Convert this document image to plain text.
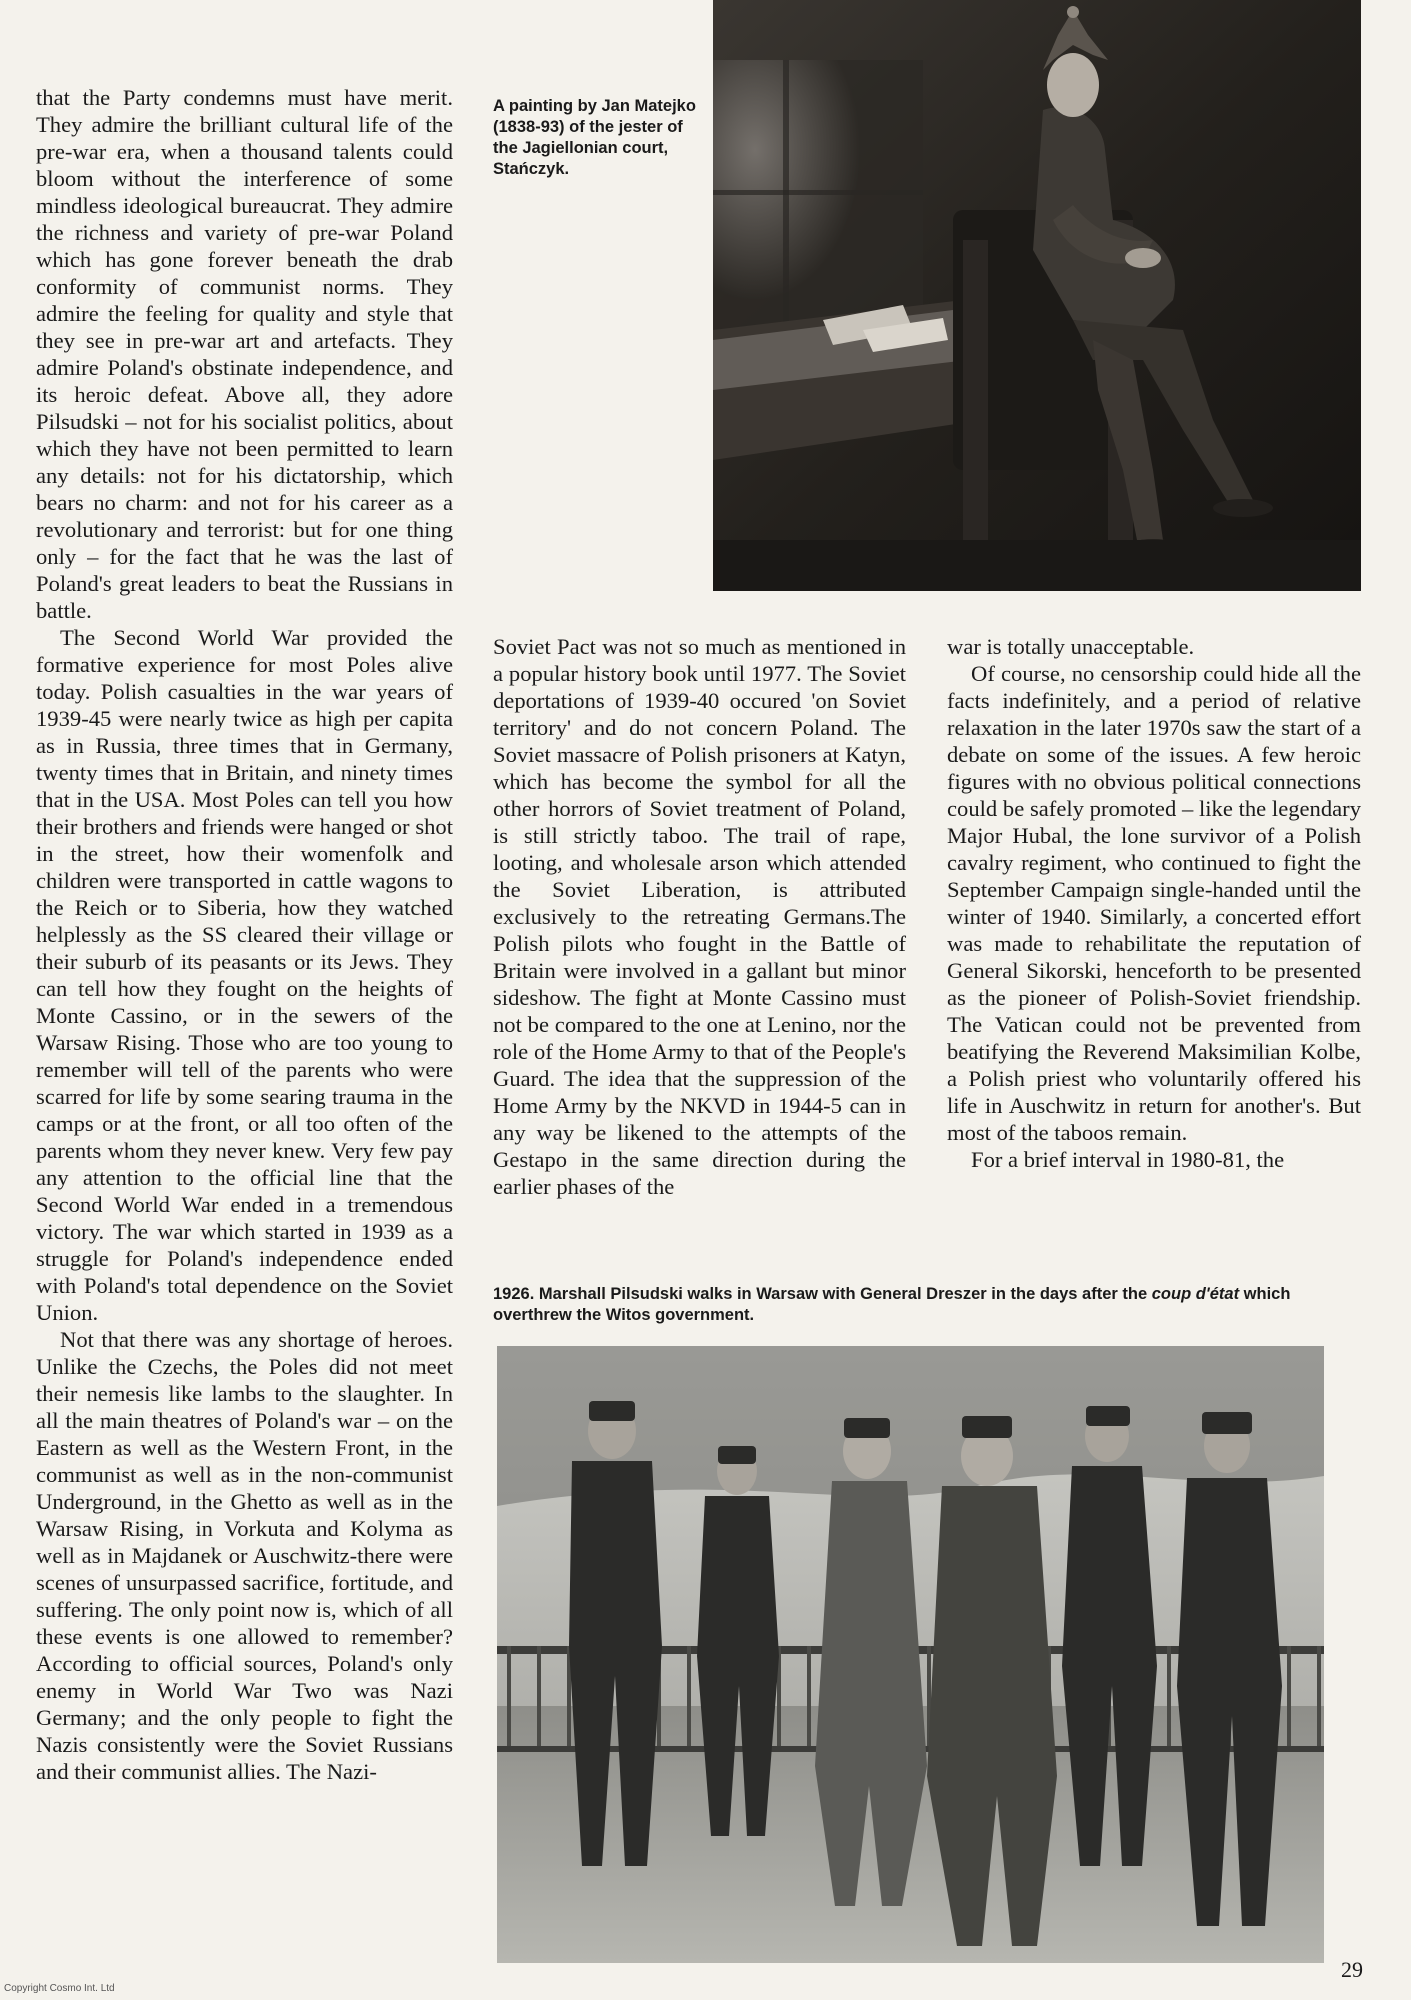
that the Party condemns must have merit. They admire the brilliant cultural life of the pre-war era, when a thousand talents could bloom without the interference of some mindless ideological bureaucrat. They admire the richness and variety of pre-war Poland which has gone forever beneath the drab conformity of communist norms. They admire the feeling for quality and style that they see in pre-war art and artefacts. They admire Poland's obstinate independence, and its heroic defeat. Above all, they adore Pilsudski – not for his socialist politics, about which they have not been permitted to learn any details: not for his dictatorship, which bears no charm: and not for his career as a revolutionary and terrorist: but for one thing only – for the fact that he was the last of Poland's great leaders to beat the Russians in battle.

The Second World War provided the formative experience for most Poles alive today. Polish casualties in the war years of 1939-45 were nearly twice as high per capita as in Russia, three times that in Germany, twenty times that in Britain, and ninety times that in the USA. Most Poles can tell you how their brothers and friends were hanged or shot in the street, how their womenfolk and children were transported in cattle wagons to the Reich or to Siberia, how they watched helplessly as the SS cleared their village or their suburb of its peasants or its Jews. They can tell how they fought on the heights of Monte Cassino, or in the sewers of the Warsaw Rising. Those who are too young to remember will tell of the parents who were scarred for life by some searing trauma in the camps or at the front, or all too often of the parents whom they never knew. Very few pay any attention to the official line that the Second World War ended in a tremendous victory. The war which started in 1939 as a struggle for Poland's independence ended with Poland's total dependence on the Soviet Union.

Not that there was any shortage of heroes. Unlike the Czechs, the Poles did not meet their nemesis like lambs to the slaughter. In all the main theatres of Poland's war – on the Eastern as well as the Western Front, in the communist as well as in the non-communist Underground, in the Ghetto as well as in the Warsaw Rising, in Vorkuta and Kolyma as well as in Majdanek or Auschwitz-there were scenes of unsurpassed sacrifice, fortitude, and suffering. The only point now is, which of all these events is one allowed to remember? According to official sources, Poland's only enemy in World War Two was Nazi Germany; and the only people to fight the Nazis consistently were the Soviet Russians and their communist allies. The Nazi-

A painting by Jan Matejko (1838-93) of the jester of the Jagiellonian court, Stańczyk.

Soviet Pact was not so much as mentioned in a popular history book until 1977. The Soviet deportations of 1939-40 occured 'on Soviet territory' and do not concern Poland. The Soviet massacre of Polish prisoners at Katyn, which has become the symbol for all the other horrors of Soviet treatment of Poland, is still strictly taboo. The trail of rape, looting, and wholesale arson which attended the Soviet Liberation, is attributed exclusively to the retreating Germans.The Polish pilots who fought in the Battle of Britain were involved in a gallant but minor sideshow. The fight at Monte Cassino must not be compared to the one at Lenino, nor the role of the Home Army to that of the People's Guard. The idea that the suppression of the Home Army by the NKVD in 1944-5 can in any way be likened to the attempts of the Gestapo in the same direction during the earlier phases of the

war is totally unacceptable.

Of course, no censorship could hide all the facts indefinitely, and a period of relative relaxation in the later 1970s saw the start of a debate on some of the issues. A few heroic figures with no obvious political connections could be safely promoted – like the legendary Major Hubal, the lone survivor of a Polish cavalry regiment, who continued to fight the September Campaign single-handed until the winter of 1940. Similarly, a concerted effort was made to rehabilitate the reputation of General Sikorski, henceforth to be presented as the pioneer of Polish-Soviet friendship. The Vatican could not be prevented from beatifying the Reverend Maksimilian Kolbe, a Polish priest who voluntarily offered his life in Auschwitz in return for another's. But most of the taboos remain.

For a brief interval in 1980-81, the

1926. Marshall Pilsudski walks in Warsaw with General Dreszer in the days after the coup d'état which overthrew the Witos government.
29
Copyright Cosmo Int. Ltd
